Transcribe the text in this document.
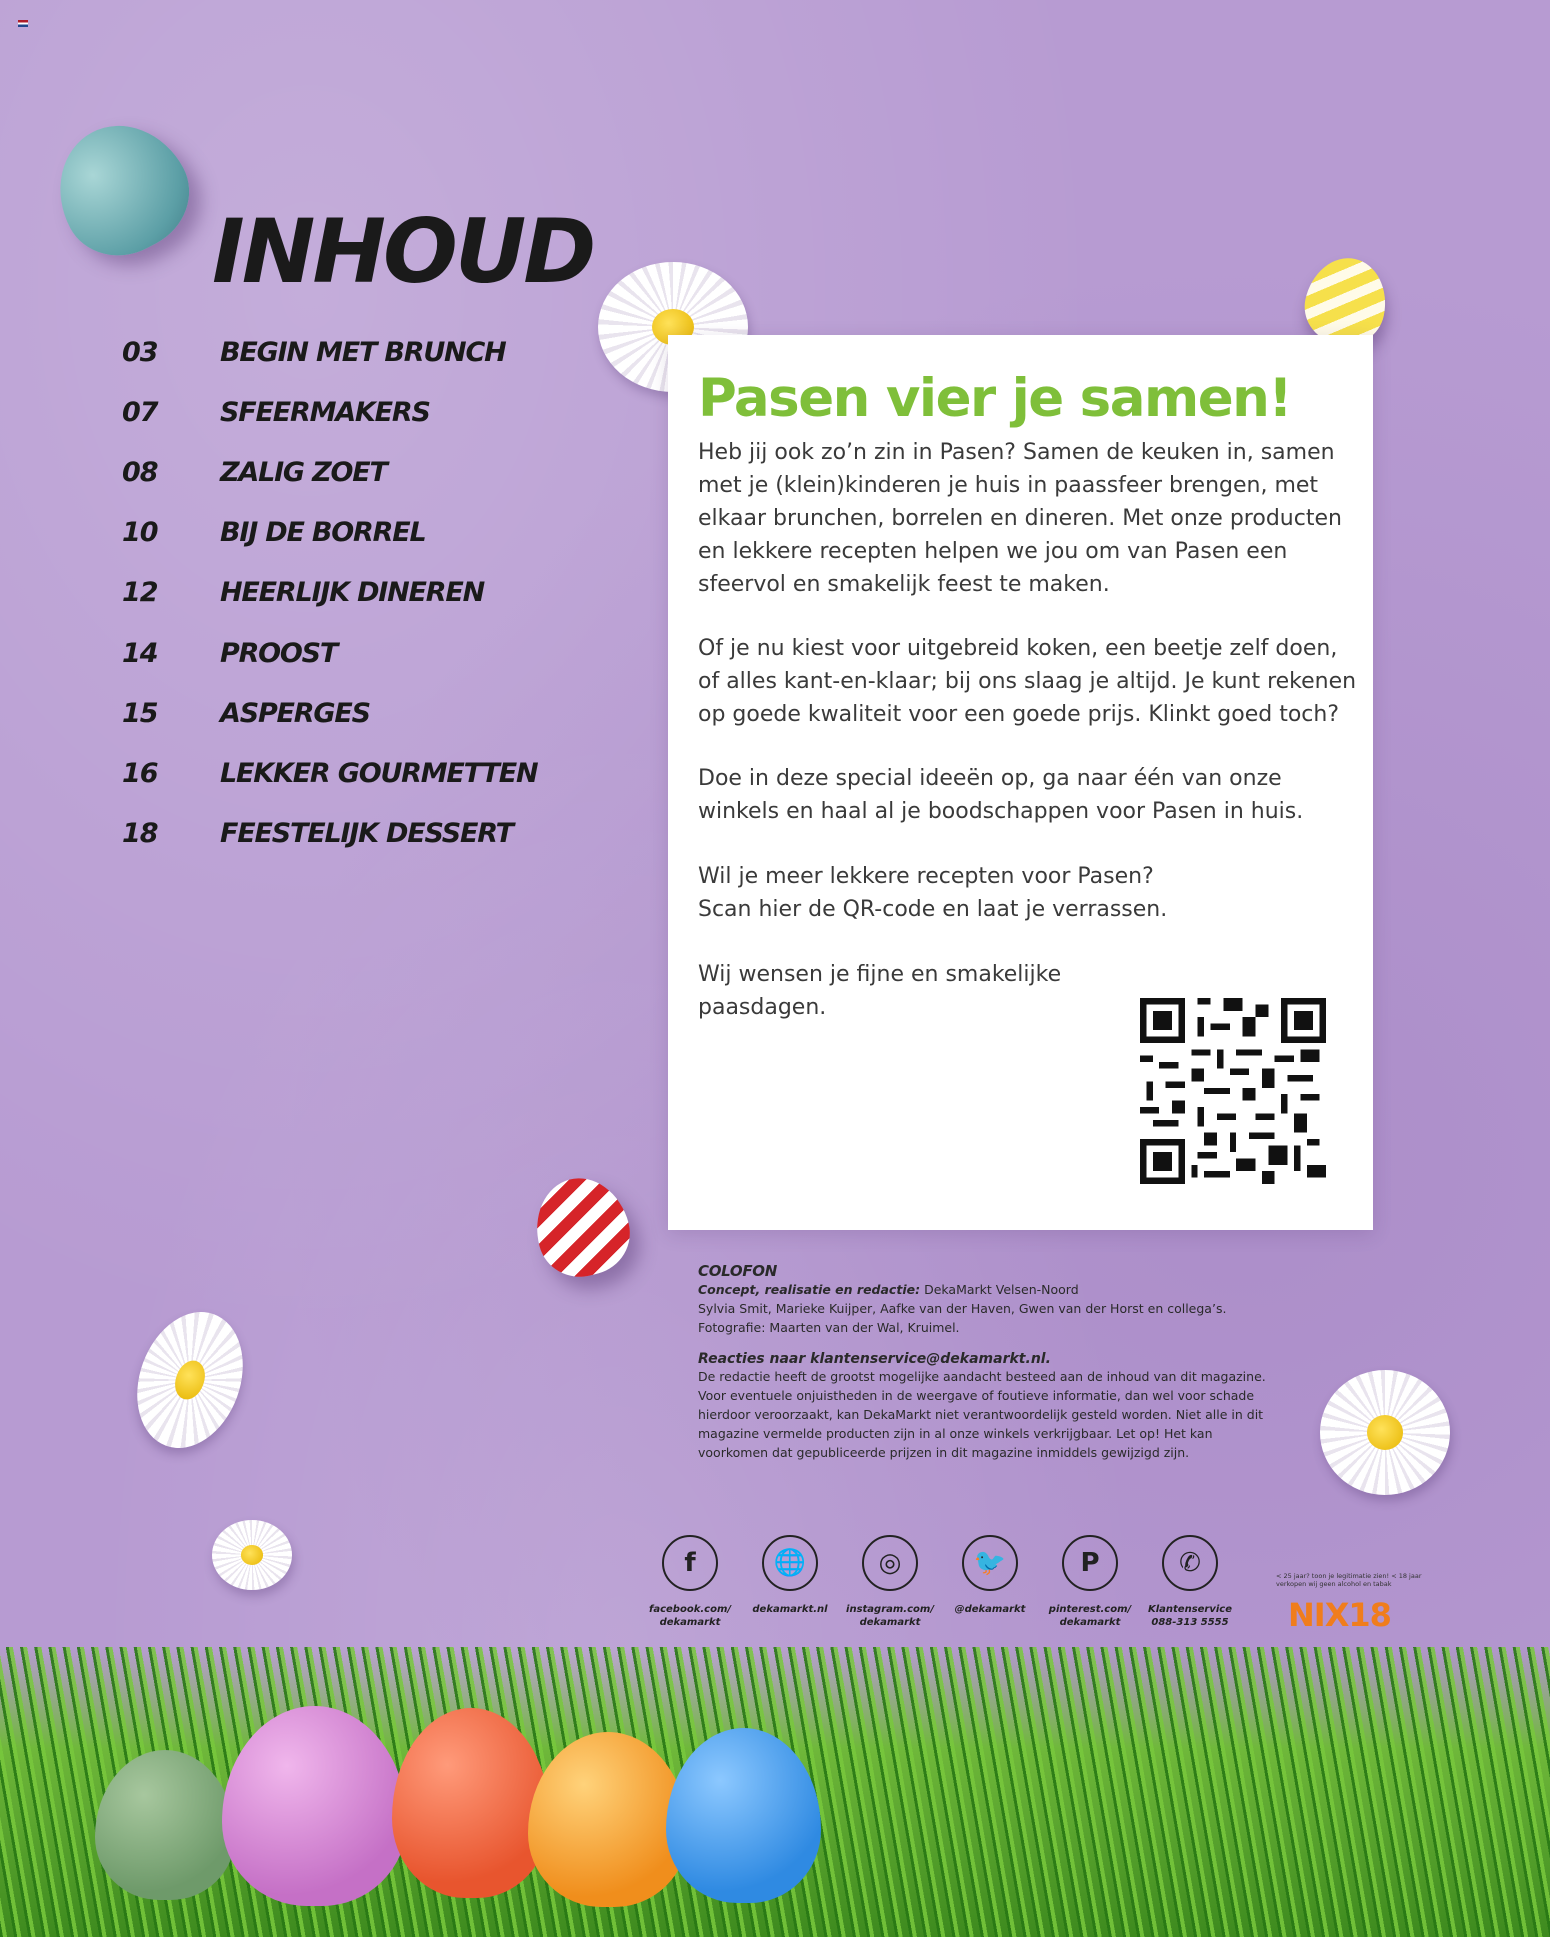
INHOUD
03	BEGIN MET BRUNCH
07	SFEERMAKERS
08	ZALIG ZOET
10	BIJ DE BORREL
12	HEERLIJK DINEREN
14	PROOST
15	ASPERGES
16	LEKKER GOURMETTEN
18	FEESTELIJK DESSERT
Pasen vier je samen!

Heb jij ook zo’n zin in Pasen? Samen de keuken in, samen met je (klein)kinderen je huis in paassfeer brengen, met elkaar brunchen, borrelen en dineren. Met onze producten en lekkere recepten helpen we jou om van Pasen een sfeervol en smakelijk feest te maken.

Of je nu kiest voor uitgebreid koken, een beetje zelf doen, of alles kant-en-klaar; bij ons slaag je altijd. Je kunt rekenen op goede kwaliteit voor een goede prijs. Klinkt goed toch?

Doe in deze special ideeën op, ga naar één van onze winkels en haal al je boodschappen voor Pasen in huis.

Wil je meer lekkere recepten voor Pasen?
Scan hier de QR-code en laat je verrassen.

Wij wensen je fijne en smakelijke paasdagen.

COLOFON

Concept, realisatie en redactie: DekaMarkt Velsen-Noord

Sylvia Smit, Marieke Kuijper, Aafke van der Haven, Gwen van der Horst en collega’s.

Fotografie: Maarten van der Wal, Kruimel.

Reacties naar klantenservice@dekamarkt.nl.

De redactie heeft de grootst mogelijke aandacht besteed aan de inhoud van dit magazine. Voor eventuele onjuistheden in de weergave of foutieve informatie, dan wel voor schade hierdoor veroorzaakt, kan DekaMarkt niet verantwoordelijk gesteld worden. Niet alle in dit magazine vermelde producten zijn in al onze winkels verkrijgbaar. Let op! Het kan voorkomen dat gepubliceerde prijzen in dit magazine inmiddels gewijzigd zijn.

f
facebook.com/
dekamarkt
🌐
dekamarkt.nl

◎
instagram.com/
dekamarkt
🐦
@dekamarkt

P
pinterest.com/
dekamarkt
✆
Klantenservice
088-313 5555
< 25 jaar? toon je legitimatie zien! < 18 jaar verkopen wij geen alcohol en tabak
NIX18
